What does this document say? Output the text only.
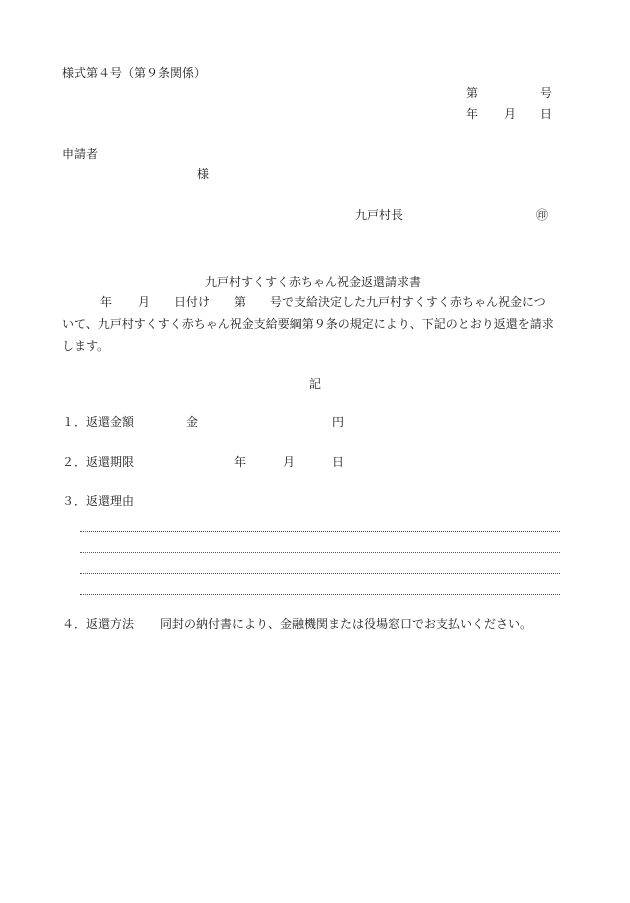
様式第４号（第９条関係）
第	号
年 月 日
申請者
様
九戸村長	㊞
九戸村すくすく赤ちゃん祝金返還請求書
年 月 日付け 第 号で支給決定した九戸村すくすく赤ちゃん祝金につ
いて、九戸村すくすく赤ちゃん祝金支給要綱第９条の規定により、下記のとおり返還を請求
します。
記
１．返還金額	金	円
２．返還期限	年	月	日
３．返還理由
４．返還方法 同封の納付書により、金融機関または役場窓口でお支払いください。
